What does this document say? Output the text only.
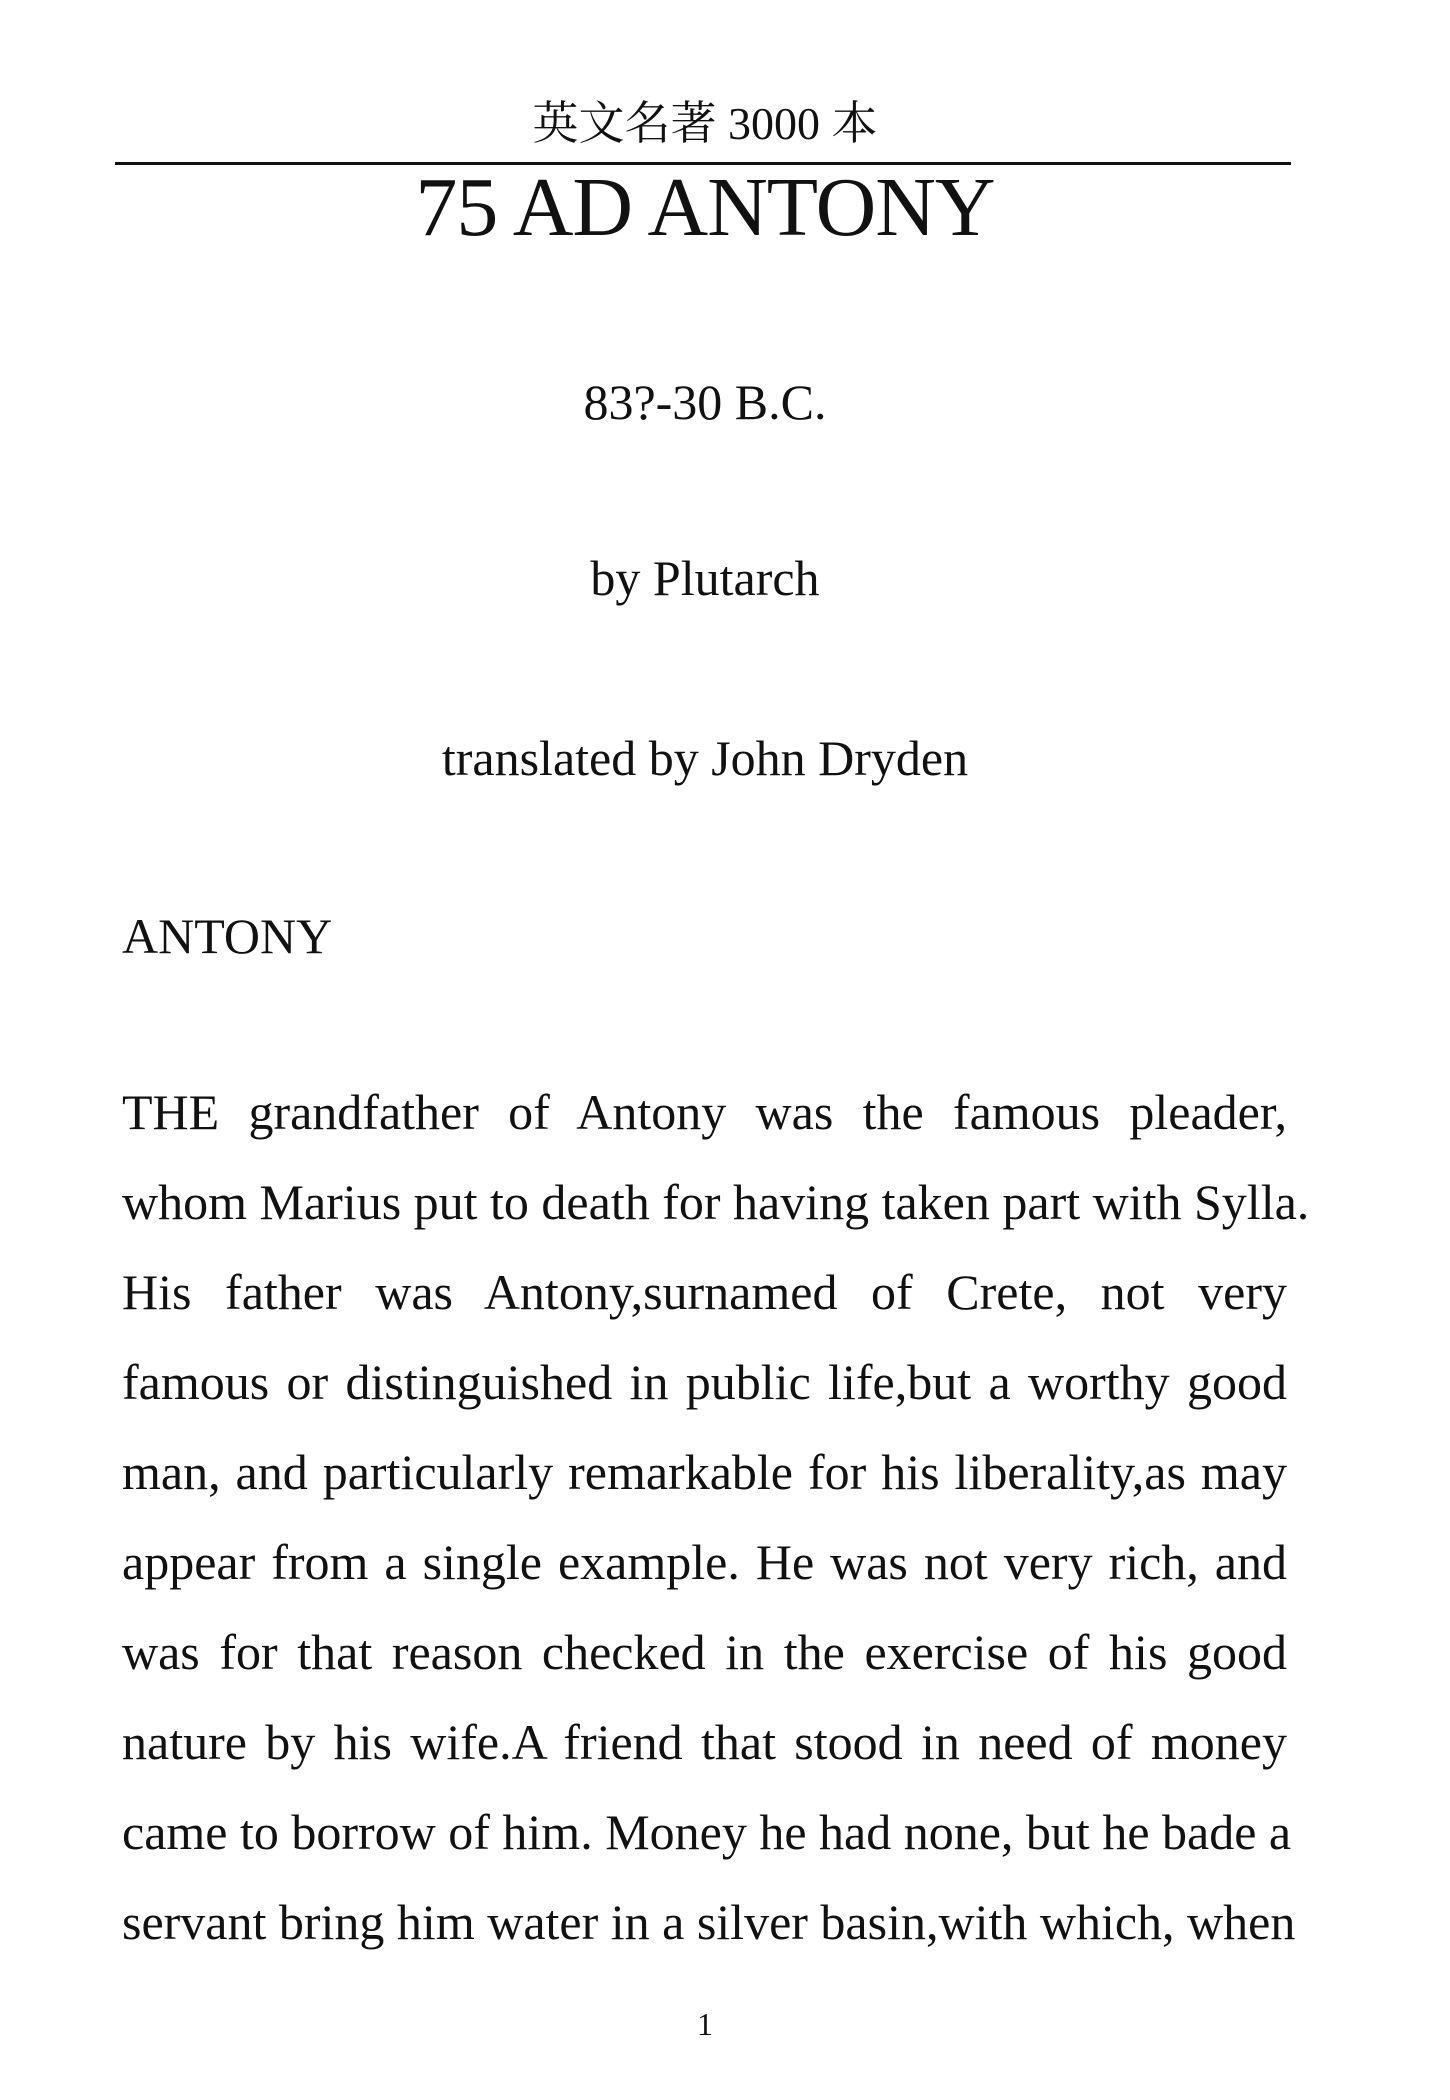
英文名著 3000 本
75 AD ANTONY
83?-30 B.C.
by Plutarch
translated by John Dryden
ANTONY
THE grandfather of Antony was the famous pleader,
whom Marius put to death for having taken part with Sylla.
His father was Antony,surnamed of Crete, not very
famous or distinguished in public life,but a worthy good
man, and particularly remarkable for his liberality,as may
appear from a single example. He was not very rich, and
was for that reason checked in the exercise of his good
nature by his wife.A friend that stood in need of money
came to borrow of him. Money he had none, but he bade a
servant bring him water in a silver basin,with which, when
1
